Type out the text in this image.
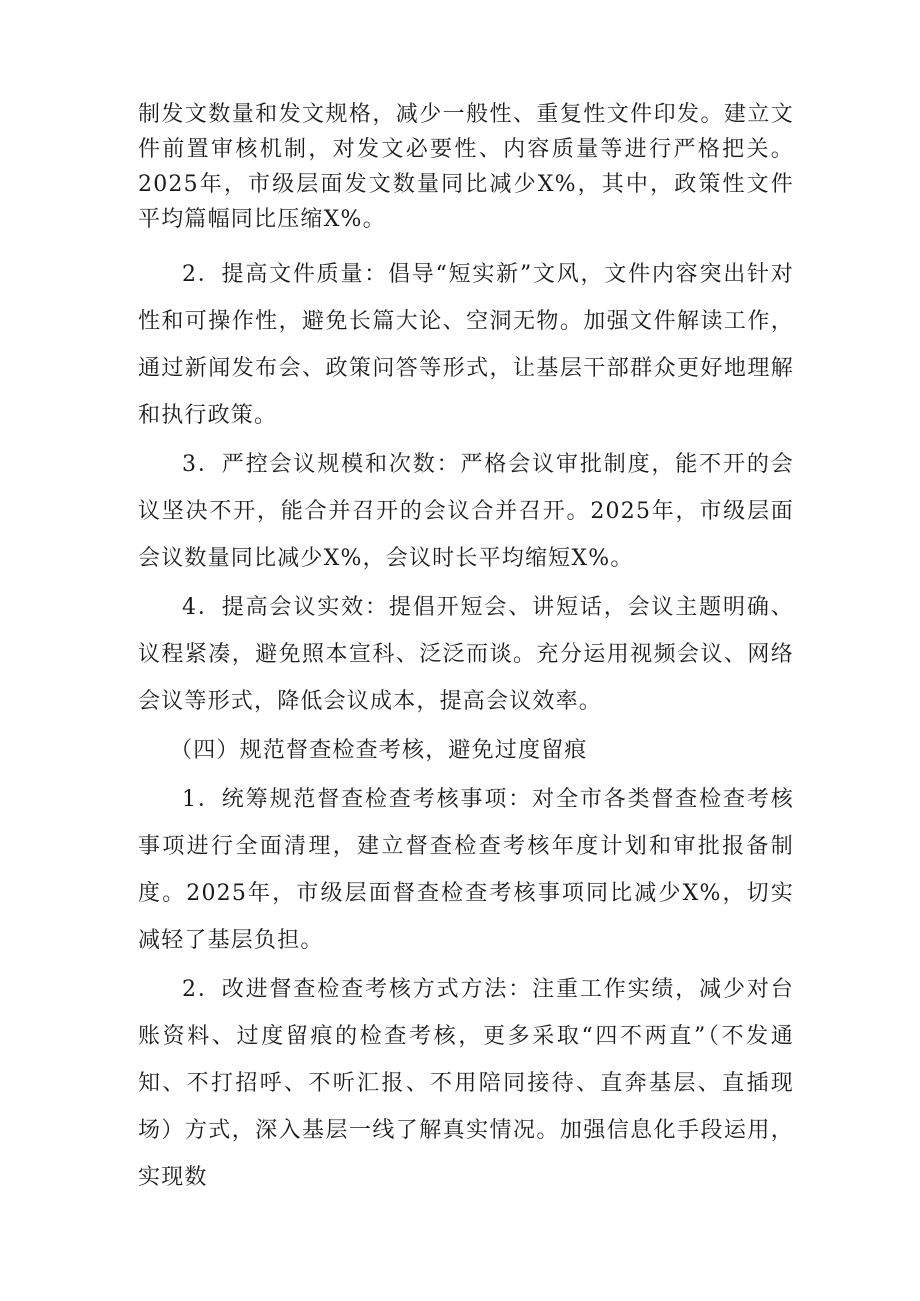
制发文数量和发文规格，减少一般性、重复性文件印发。建立文件前置审核机制，对发文必要性、内容质量等进行严格把关。2025年，市级层面发文数量同比减少X%，其中，政策性文件平均篇幅同比压缩X%。

2．提高文件质量：倡导“短实新”文风，文件内容突出针对性和可操作性，避免长篇大论、空洞无物。加强文件解读工作，通过新闻发布会、政策问答等形式，让基层干部群众更好地理解和执行政策。

3．严控会议规模和次数：严格会议审批制度，能不开的会议坚决不开，能合并召开的会议合并召开。2025年，市级层面会议数量同比减少X%，会议时长平均缩短X%。

4．提高会议实效：提倡开短会、讲短话，会议主题明确、议程紧凑，避免照本宣科、泛泛而谈。充分运用视频会议、网络会议等形式，降低会议成本，提高会议效率。

（四）规范督查检查考核，避免过度留痕

1．统筹规范督查检查考核事项：对全市各类督查检查考核事项进行全面清理，建立督查检查考核年度计划和审批报备制度。2025年，市级层面督查检查考核事项同比减少X%，切实减轻了基层负担。

2．改进督查检查考核方式方法：注重工作实绩，减少对台账资料、过度留痕的检查考核，更多采取“四不两直”（不发通知、不打招呼、不听汇报、不用陪同接待、直奔基层、直插现场）方式，深入基层一线了解真实情况。加强信息化手段运用，实现数
